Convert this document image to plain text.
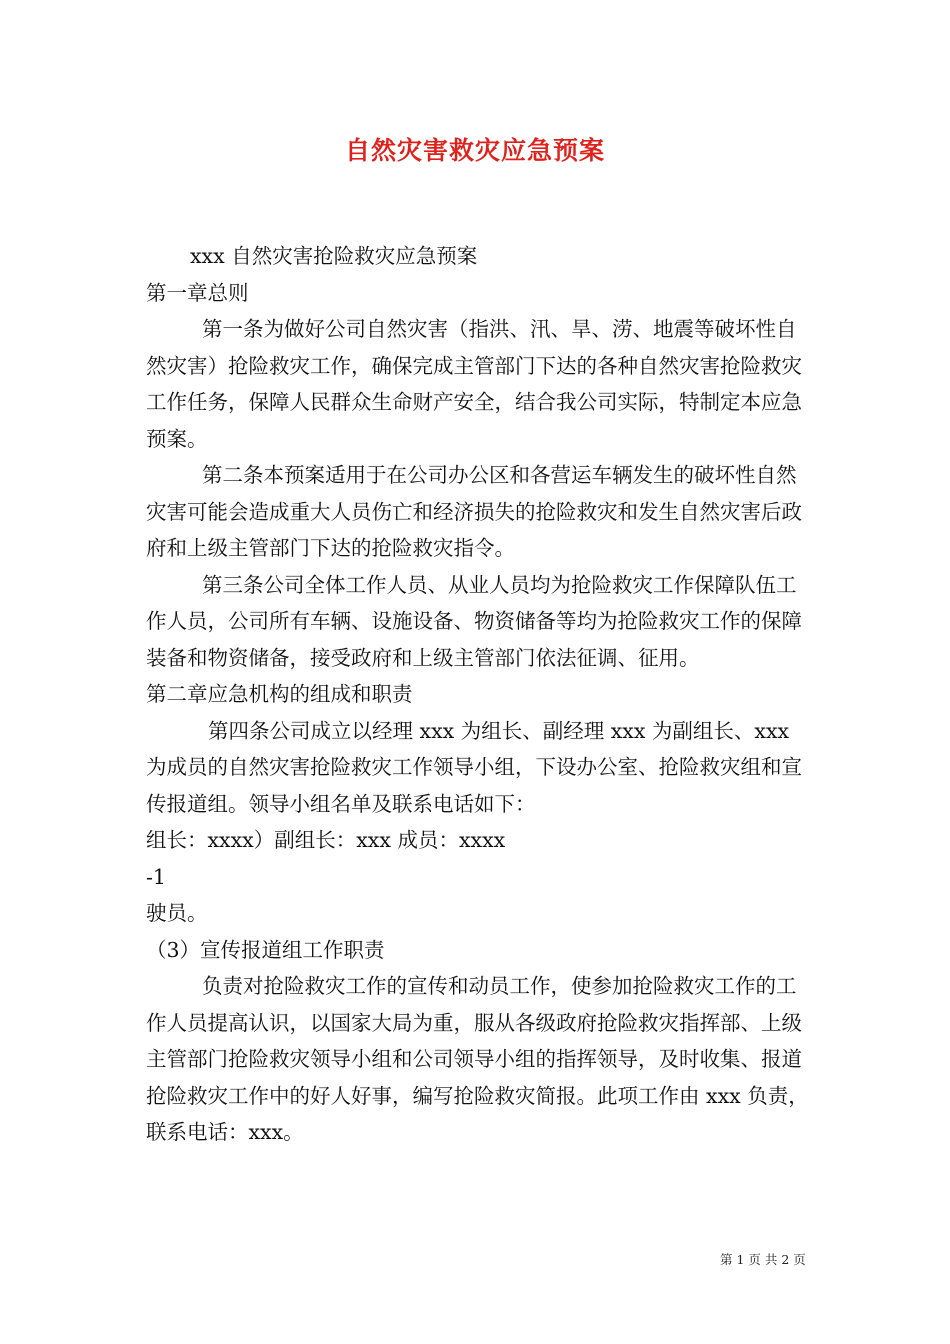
自然灾害救灾应急预案

xxx 自然灾害抢险救灾应急预案

第一章总则

第一条为做好公司自然灾害（指洪、汛、旱、涝、地震等破坏性自然灾害）抢险救灾工作，确保完成主管部门下达的各种自然灾害抢险救灾工作任务，保障人民群众生命财产安全，结合我公司实际，特制定本应急预案。

第二条本预案适用于在公司办公区和各营运车辆发生的破坏性自然灾害可能会造成重大人员伤亡和经济损失的抢险救灾和发生自然灾害后政府和上级主管部门下达的抢险救灾指令。

第三条公司全体工作人员、从业人员均为抢险救灾工作保障队伍工作人员，公司所有车辆、设施设备、物资储备等均为抢险救灾工作的保障装备和物资储备，接受政府和上级主管部门依法征调、征用。

第二章应急机构的组成和职责

第四条公司成立以经理 xxx 为组长、副经理 xxx 为副组长、xxx 为成员的自然灾害抢险救灾工作领导小组，下设办公室、抢险救灾组和宣传报道组。领导小组名单及联系电话如下：

组长：xxxx）副组长：xxx 成员：xxxx

-1

驶员。

（3）宣传报道组工作职责

负责对抢险救灾工作的宣传和动员工作，使参加抢险救灾工作的工作人员提高认识，以国家大局为重，服从各级政府抢险救灾指挥部、上级主管部门抢险救灾领导小组和公司领导小组的指挥领导，及时收集、报道抢险救灾工作中的好人好事，编写抢险救灾简报。此项工作由 xxx 负责，联系电话：xxx。

第 1 页 共 2 页
